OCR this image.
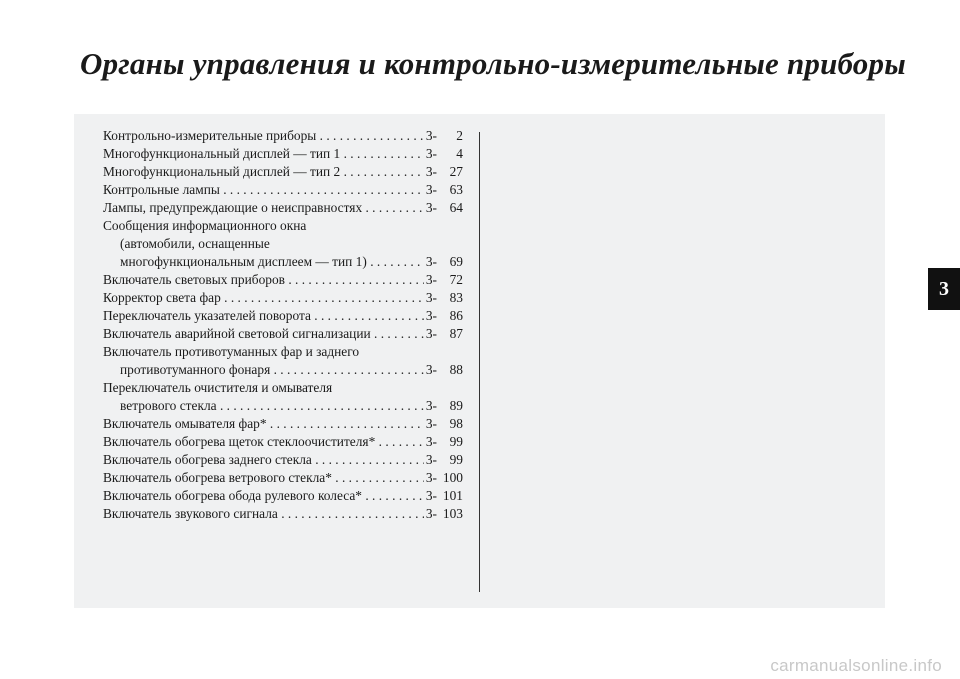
Органы управления и контрольно-измерительные приборы
Контрольно-измерительные приборы . . .	3-	2
Многофункциональный дисплей — тип 1 . . .	3-	4
Многофункциональный дисплей — тип 2 . . .	3- 27
Контрольные лампы . . .	3- 63
Лампы, предупреждающие о неисправностях . . .	3- 64
Сообщения информационного окна
(автомобили, оснащенные
многофункциональным дисплеем — тип 1) . . .	3- 69
Включатель световых приборов . . .	3- 72
Корректор света фар . . .	3- 83
Переключатель указателей поворота . . .	3- 86
Включатель аварийной световой сигнализации . . .	3- 87
Включатель противотуманных фар и заднего
противотуманного фонаря . . .	3- 88
Переключатель очистителя и омывателя
ветрового стекла . . .	3- 89
Включатель омывателя фар* . . .	3- 98
Включатель обогрева щеток стеклоочистителя* . . .	3- 99
Включатель обогрева заднего стекла . . .	3- 99
Включатель обогрева ветрового стекла* . . .	3- 100
Включатель обогрева обода рулевого колеса* . . .	3- 101
Включатель звукового сигнала . . .	3- 103
3
carmanualsonline.info
